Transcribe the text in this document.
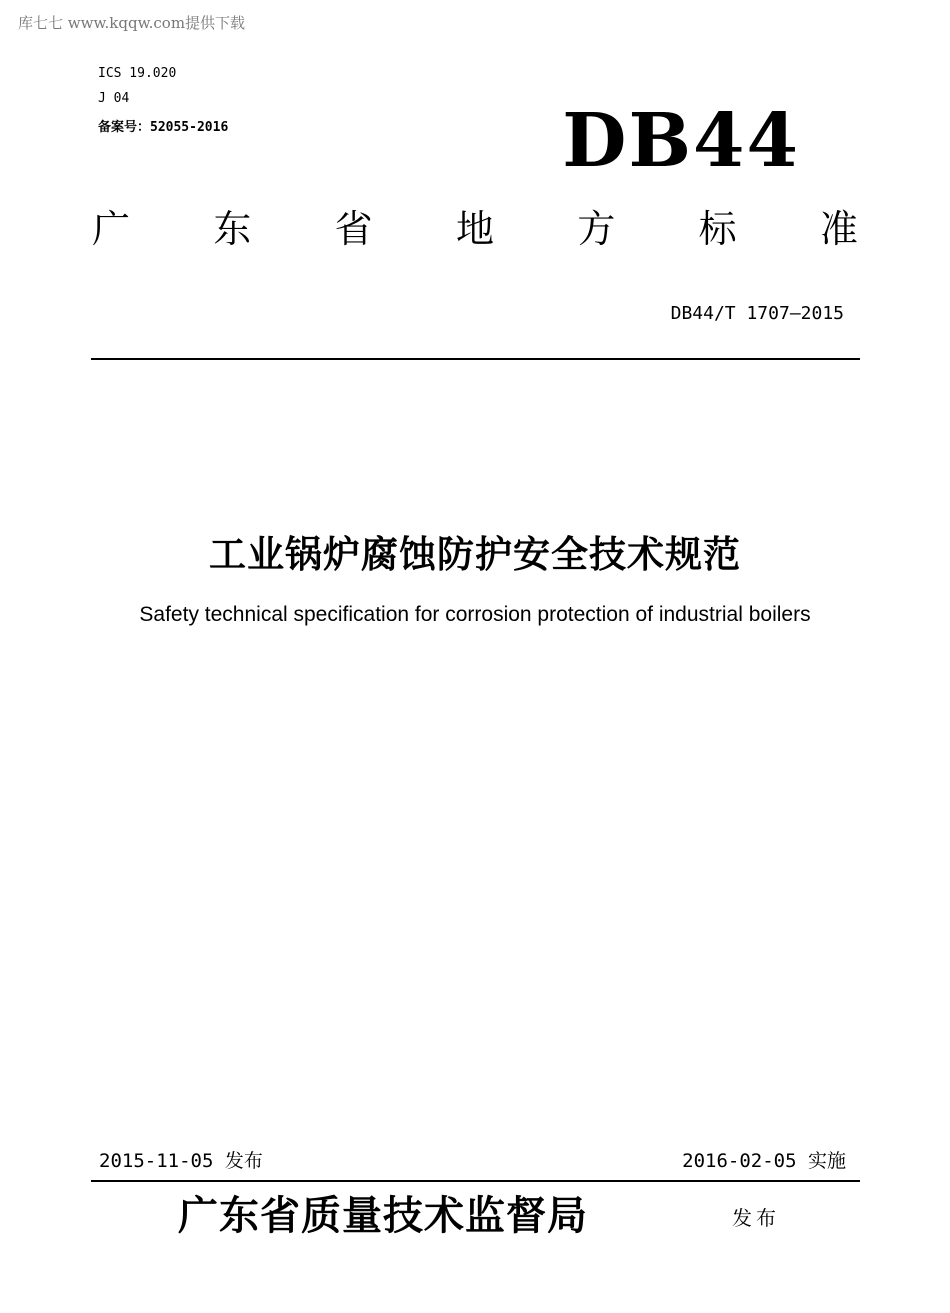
库七七 www.kqqw.com提供下载
ICS 19.020
J 04
备案号：52055-2016	DB44
广 东 省 地 方 标 准
DB44/T 1707—2015
工业锅炉腐蚀防护安全技术规范
Safety technical specification for corrosion protection of industrial boilers
2015-11-05 发布	2016-02-05 实施
广东省质量技术监督局	发布
